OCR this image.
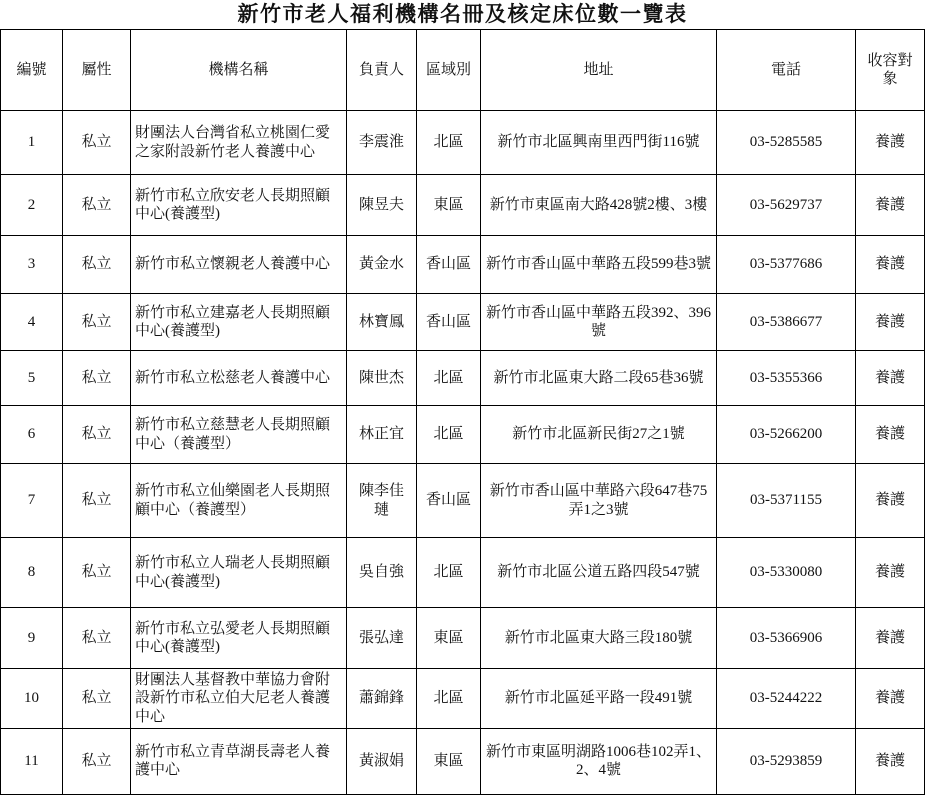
新竹市老人福利機構名冊及核定床位數一覽表
編號	屬性	機構名稱	負責人	區域別	地址	電話	收容對象
1	私立	財團法人台灣省私立桃園仁愛之家附設新竹老人養護中心	李震淮	北區	新竹市北區興南里西門街116號	03-5285585	養護
2	私立	新竹市私立欣安老人長期照顧中心(養護型)	陳昱夫	東區	新竹市東區南大路428號2樓、3樓	03-5629737	養護
3	私立	新竹市私立懷親老人養護中心	黃金水	香山區	新竹市香山區中華路五段599巷3號	03-5377686	養護
4	私立	新竹市私立建嘉老人長期照顧中心(養護型)	林寶鳳	香山區	新竹市香山區中華路五段392、396號	03-5386677	養護
5	私立	新竹市私立松慈老人養護中心	陳世杰	北區	新竹市北區東大路二段65巷36號	03-5355366	養護
6	私立	新竹市私立慈慧老人長期照顧中心（養護型）	林正宜	北區	新竹市北區新民街27之1號	03-5266200	養護
7	私立	新竹市私立仙樂園老人長期照顧中心（養護型）	陳李佳璉	香山區	新竹市香山區中華路六段647巷75弄1之3號	03-5371155	養護
8	私立	新竹市私立人瑞老人長期照顧中心(養護型)	吳自強	北區	新竹市北區公道五路四段547號	03-5330080	養護
9	私立	新竹市私立弘愛老人長期照顧中心(養護型)	張弘達	東區	新竹市北區東大路三段180號	03-5366906	養護
10	私立	財團法人基督教中華協力會附設新竹市私立伯大尼老人養護中心	蕭錦鋒	北區	新竹市北區延平路一段491號	03-5244222	養護
11	私立	新竹市私立青草湖長壽老人養護中心	黃淑娟	東區	新竹市東區明湖路1006巷102弄1、2、4號	03-5293859	養護
